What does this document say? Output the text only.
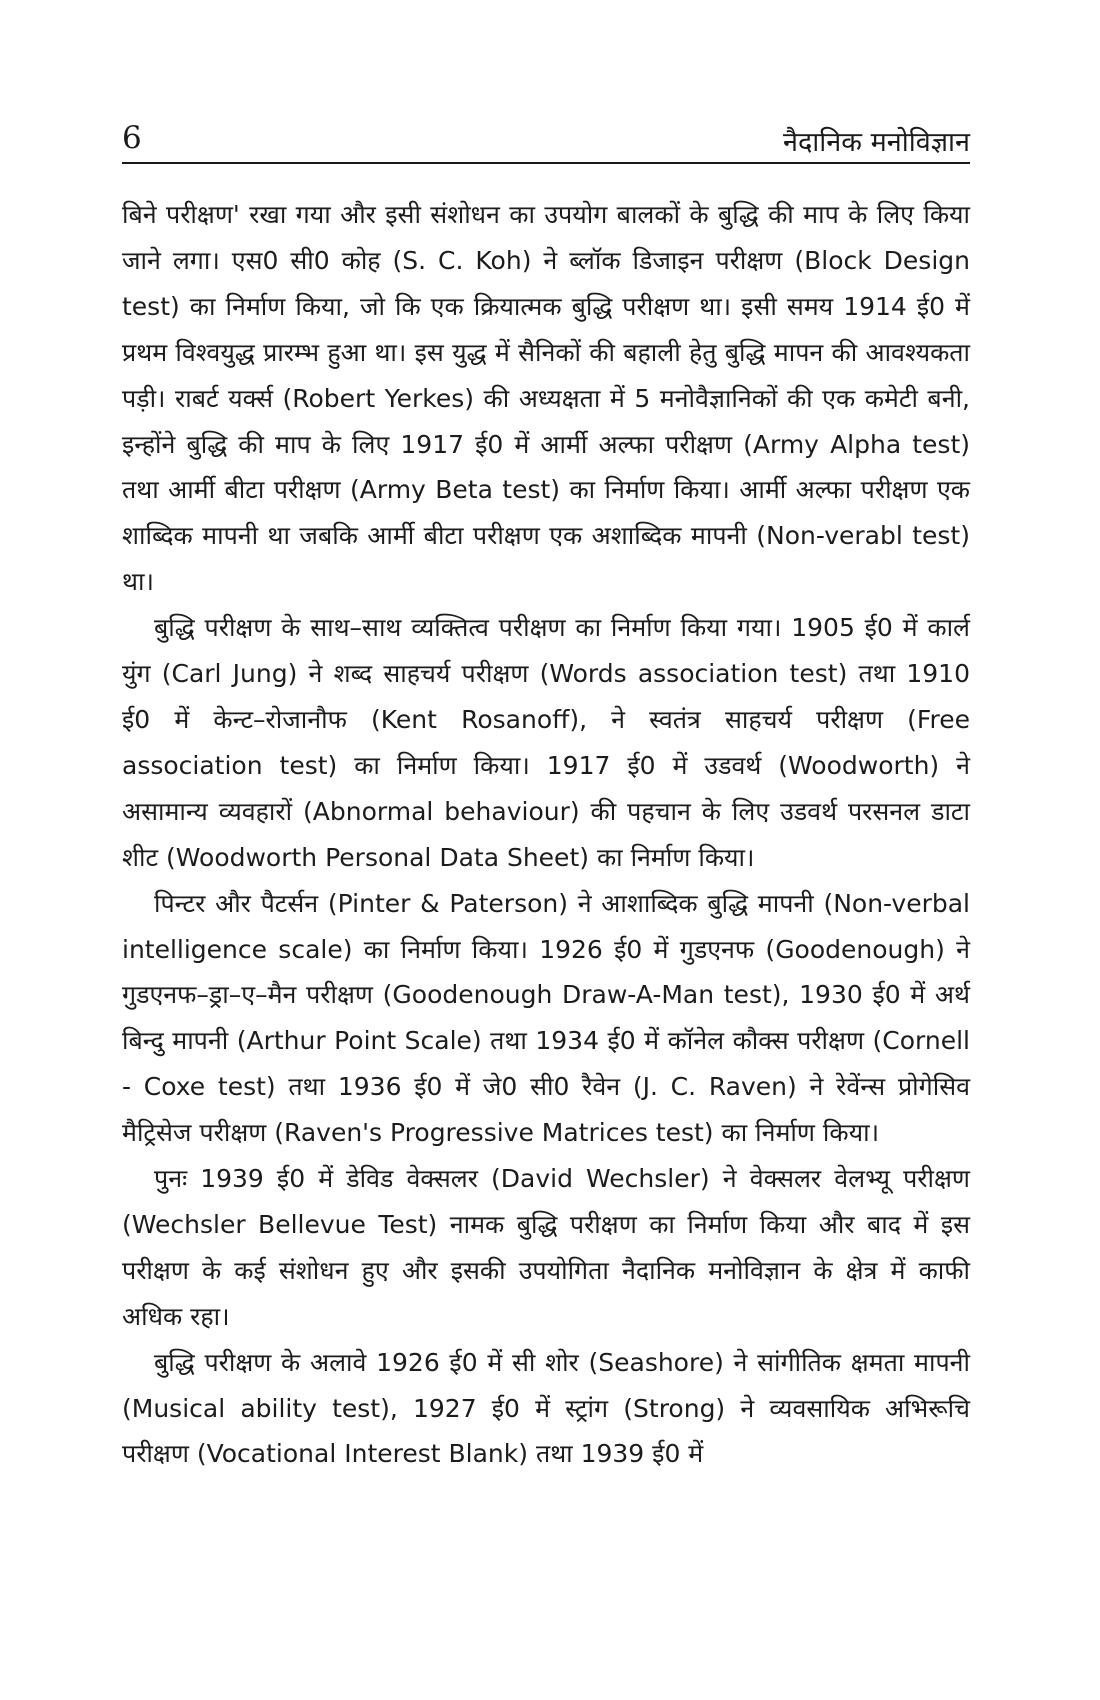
6	नैदानिक मनोविज्ञान

बिने परीक्षण' रखा गया और इसी संशोधन का उपयोग बालकों के बुद्धि की माप के लिए किया जाने लगा। एस0 सी0 कोह (S. C. Koh) ने ब्लॉक डिजाइन परीक्षण (Block Design test) का निर्माण किया, जो कि एक क्रियात्मक बुद्धि परीक्षण था। इसी समय 1914 ई0 में प्रथम विश्वयुद्ध प्रारम्भ हुआ था। इस युद्ध में सैनिकों की बहाली हेतु बुद्धि मापन की आवश्यकता पड़ी। राबर्ट यर्क्स (Robert Yerkes) की अध्यक्षता में 5 मनोवैज्ञानिकों की एक कमेटी बनी, इन्होंने बुद्धि की माप के लिए 1917 ई0 में आर्मी अल्फा परीक्षण (Army Alpha test) तथा आर्मी बीटा परीक्षण (Army Beta test) का निर्माण किया। आर्मी अल्फा परीक्षण एक शाब्दिक मापनी था जबकि आर्मी बीटा परीक्षण एक अशाब्दिक मापनी (Non-verabl test) था।

बुद्धि परीक्षण के साथ–साथ व्यक्तित्व परीक्षण का निर्माण किया गया। 1905 ई0 में कार्ल युंग (Carl Jung) ने शब्द साहचर्य परीक्षण (Words association test) तथा 1910 ई0 में केन्ट–रोजानौफ (Kent Rosanoff), ने स्वतंत्र साहचर्य परीक्षण (Free association test) का निर्माण किया। 1917 ई0 में उडवर्थ (Woodworth) ने असामान्य व्यवहारों (Abnormal behaviour) की पहचान के लिए उडवर्थ परसनल डाटा शीट (Woodworth Personal Data Sheet) का निर्माण किया।

पिन्टर और पैटर्सन (Pinter & Paterson) ने आशाब्दिक बुद्धि मापनी (Non-verbal intelligence scale) का निर्माण किया। 1926 ई0 में गुडएनफ (Goodenough) ने गुडएनफ–ड्रा–ए–मैन परीक्षण (Goodenough Draw-A-Man test), 1930 ई0 में अर्थ बिन्दु मापनी (Arthur Point Scale) तथा 1934 ई0 में कॉनेल कौक्स परीक्षण (Cornell - Coxe test) तथा 1936 ई0 में जे0 सी0 रैवेन (J. C. Raven) ने रेवेंन्स प्रोगेसिव मैट्रिसेज परीक्षण (Raven's Progressive Matrices test) का निर्माण किया।

पुनः 1939 ई0 में डेविड वेक्सलर (David Wechsler) ने वेक्सलर वेलभ्यू परीक्षण (Wechsler Bellevue Test) नामक बुद्धि परीक्षण का निर्माण किया और बाद में इस परीक्षण के कई संशोधन हुए और इसकी उपयोगिता नैदानिक मनोविज्ञान के क्षेत्र में काफी अधिक रहा।

बुद्धि परीक्षण के अलावे 1926 ई0 में सी शोर (Seashore) ने सांगीतिक क्षमता मापनी (Musical ability test), 1927 ई0 में स्ट्रांग (Strong) ने व्यवसायिक अभिरूचि परीक्षण (Vocational Interest Blank) तथा 1939 ई0 में
